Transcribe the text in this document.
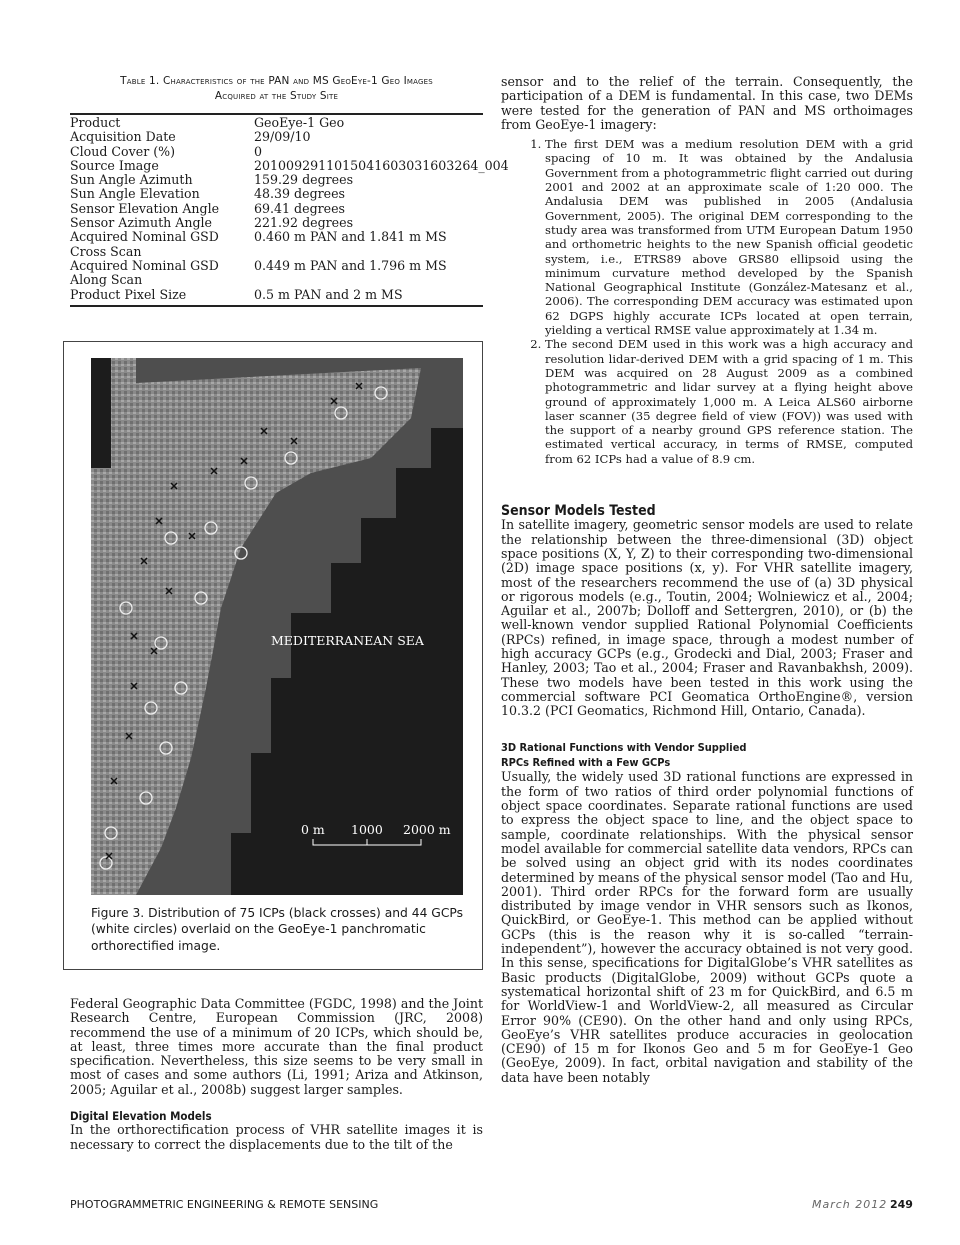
Table 1. Characteristics of the PAN and MS GeoEye-1 Geo Images
Acquired at the Study Site
Product	GeoEye-1 Geo
Acquisition Date	29/09/10
Cloud Cover (%)	0
Source Image	2010092911015041603031603264_004
Sun Angle Azimuth	159.29 degrees
Sun Angle Elevation	48.39 degrees
Sensor Elevation Angle	69.41 degrees
Sensor Azimuth Angle	221.92 degrees
Acquired Nominal GSD Cross Scan	0.460 m PAN and 1.841 m MS
Acquired Nominal GSD Along Scan	0.449 m PAN and 1.796 m MS
Product Pixel Size	0.5 m PAN and 2 m MS
MEDITERRANEAN SEA
0 m 1000 2000 m
Figure 3. Distribution of 75 ICPs (black crosses) and 44 GCPs (white circles) overlaid on the GeoEye-1 panchromatic orthorectified image.

Federal Geographic Data Committee (FGDC, 1998) and the Joint Research Centre, European Commission (JRC, 2008) recommend the use of a minimum of 20 ICPs, which should be, at least, three times more accurate than the final product specification. Nevertheless, this size seems to be very small in most of cases and some authors (Li, 1991; Ariza and Atkinson, 2005; Aguilar et al., 2008b) suggest larger samples.

Digital Elevation Models

In the orthorectification process of VHR satellite images it is necessary to correct the displacements due to the tilt of the

sensor and to the relief of the terrain. Consequently, the participation of a DEM is fundamental. In this case, two DEMs were tested for the generation of PAN and MS orthoimages from GeoEye-1 imagery:

1. The first DEM was a medium resolution DEM with a grid spacing of 10 m. It was obtained by the Andalusia Government from a photogrammetric flight carried out during 2001 and 2002 at an approximate scale of 1:20 000. The Andalusia DEM was published in 2005 (Andalusia Government, 2005). The original DEM corresponding to the study area was transformed from UTM European Datum 1950 and orthometric heights to the new Spanish official geodetic system, i.e., ETRS89 above GRS80 ellipsoid using the minimum curvature method developed by the Spanish National Geographical Institute (González-Matesanz et al., 2006). The corresponding DEM accuracy was estimated upon 62 DGPS highly accurate ICPs located at open terrain, yielding a vertical RMSE value approximately at 1.34 m.
2. The second DEM used in this work was a high accuracy and resolution lidar-derived DEM with a grid spacing of 1 m. This DEM was acquired on 28 August 2009 as a combined photogrammetric and lidar survey at a flying height above ground of approximately 1,000 m. A Leica ALS60 airborne laser scanner (35 degree field of view (FOV)) was used with the support of a nearby ground GPS reference station. The estimated vertical accuracy, in terms of RMSE, computed from 62 ICPs had a value of 8.9 cm.
Sensor Models Tested

In satellite imagery, geometric sensor models are used to relate the relationship between the three-dimensional (3D) object space positions (X, Y, Z) to their corresponding two-dimensional (2D) image space positions (x, y). For VHR satellite imagery, most of the researchers recommend the use of (a) 3D physical or rigorous models (e.g., Toutin, 2004; Wolniewicz et al., 2004; Aguilar et al., 2007b; Dolloff and Settergren, 2010), or (b) the well-known vendor supplied Rational Polynomial Coefficients (RPCs) refined, in image space, through a modest number of high accuracy GCPs (e.g., Grodecki and Dial, 2003; Fraser and Hanley, 2003; Tao et al., 2004; Fraser and Ravanbakhsh, 2009). These two models have been tested in this work using the commercial software PCI Geomatica OrthoEngine®, version 10.3.2 (PCI Geomatics, Richmond Hill, Ontario, Canada).

3D Rational Functions with Vendor Supplied
RPCs Refined with a Few GCPs

Usually, the widely used 3D rational functions are expressed in the form of two ratios of third order polynomial functions of object space coordinates. Separate rational functions are used to express the object space to line, and the object space to sample, coordinate relationships. With the physical sensor model available for commercial satellite data vendors, RPCs can be solved using an object grid with its nodes coordinates determined by means of the physical sensor model (Tao and Hu, 2001). Third order RPCs for the forward form are usually distributed by image vendor in VHR sensors such as Ikonos, QuickBird, or GeoEye-1. This method can be applied without GCPs (this is the reason why it is so-called “terrain-independent”), however the accuracy obtained is not very good. In this sense, specifications for DigitalGlobe’s VHR satellites as Basic products (DigitalGlobe, 2009) without GCPs quote a systematical horizontal shift of 23 m for QuickBird, and 6.5 m for WorldView-1 and WorldView-2, all measured as Circular Error 90% (CE90). On the other hand and only using RPCs, GeoEye’s VHR satellites produce accuracies in geolocation (CE90) of 15 m for Ikonos Geo and 5 m for GeoEye-1 Geo (GeoEye, 2009). In fact, orbital navigation and stability of the data have been notably

PHOTOGRAMMETRIC ENGINEERING & REMOTE SENSING	March 2012 249
